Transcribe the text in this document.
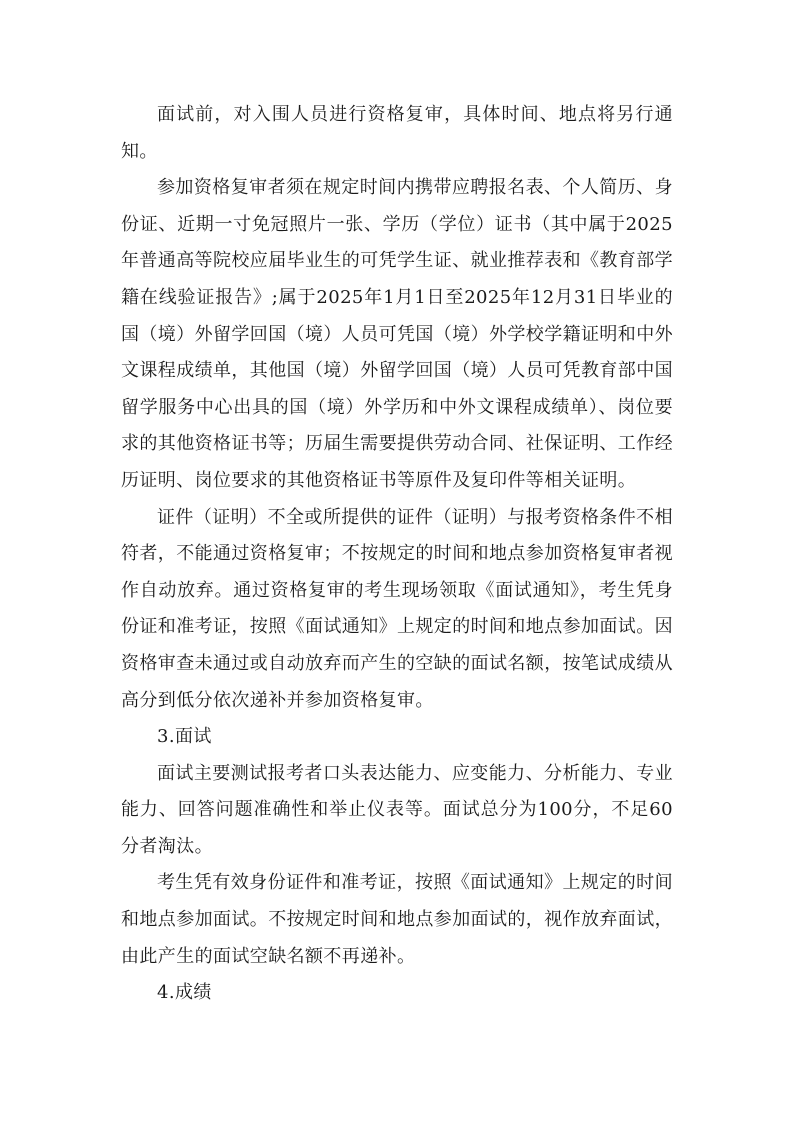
面试前，对入围人员进行资格复审，具体时间、地点将另行通知。

参加资格复审者须在规定时间内携带应聘报名表、个人简历、身份证、近期一寸免冠照片一张、学历（学位）证书（其中属于2025年普通高等院校应届毕业生的可凭学生证、就业推荐表和《教育部学籍在线验证报告》;属于2025年1月1日至2025年12月31日毕业的国（境）外留学回国（境）人员可凭国（境）外学校学籍证明和中外文课程成绩单，其他国（境）外留学回国（境）人员可凭教育部中国留学服务中心出具的国（境）外学历和中外文课程成绩单）、岗位要求的其他资格证书等；历届生需要提供劳动合同、社保证明、工作经历证明、岗位要求的其他资格证书等原件及复印件等相关证明。

证件（证明）不全或所提供的证件（证明）与报考资格条件不相符者，不能通过资格复审；不按规定的时间和地点参加资格复审者视作自动放弃。通过资格复审的考生现场领取《面试通知》，考生凭身份证和准考证，按照《面试通知》上规定的时间和地点参加面试。因资格审查未通过或自动放弃而产生的空缺的面试名额，按笔试成绩从高分到低分依次递补并参加资格复审。

3.面试

面试主要测试报考者口头表达能力、应变能力、分析能力、专业能力、回答问题准确性和举止仪表等。面试总分为100分，不足60分者淘汰。

考生凭有效身份证件和准考证，按照《面试通知》上规定的时间和地点参加面试。不按规定时间和地点参加面试的，视作放弃面试，由此产生的面试空缺名额不再递补。

4.成绩
